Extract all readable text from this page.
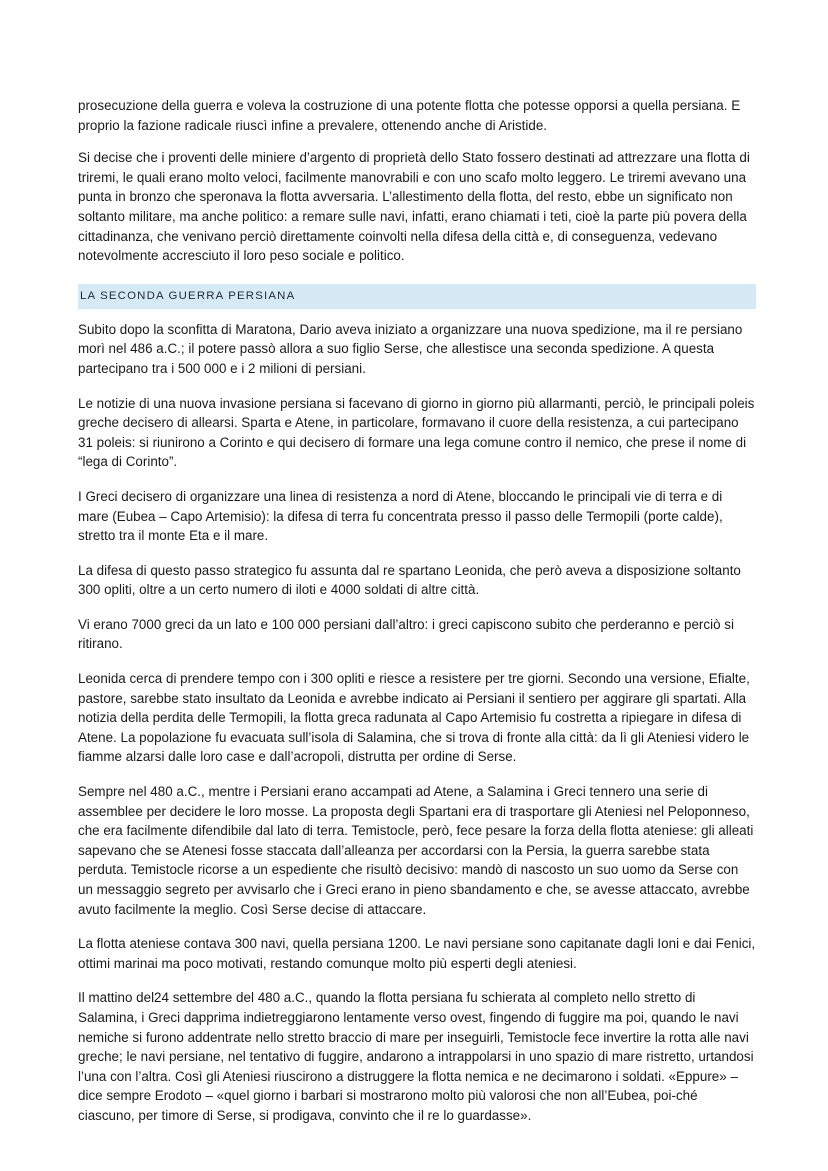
prosecuzione della guerra e voleva la costruzione di una potente flotta che potesse opporsi a quella persiana. E proprio la fazione radicale riuscì infine a prevalere, ottenendo anche di Aristide.

Si decise che i proventi delle miniere d’argento di proprietà dello Stato fossero destinati ad attrezzare una flotta di triremi, le quali erano molto veloci, facilmente manovrabili e con uno scafo molto leggero. Le triremi avevano una punta in bronzo che speronava la flotta avversaria. L’allestimento della flotta, del resto, ebbe un significato non soltanto militare, ma anche politico: a remare sulle navi, infatti, erano chiamati i teti, cioè la parte più povera della cittadinanza, che venivano perciò direttamente coinvolti nella difesa della città e, di conseguenza, vedevano notevolmente accresciuto il loro peso sociale e politico.

LA SECONDA GUERRA PERSIANA

Subito dopo la sconfitta di Maratona, Dario aveva iniziato a organizzare una nuova spedizione, ma il re persiano morì nel 486 a.C.; il potere passò allora a suo figlio Serse, che allestisce una seconda spedizione. A questa partecipano tra i 500 000 e i 2 milioni di persiani.

Le notizie di una nuova invasione persiana si facevano di giorno in giorno più allarmanti, perciò, le principali poleis greche decisero di allearsi. Sparta e Atene, in particolare, formavano il cuore della resistenza, a cui partecipano 31 poleis: si riunirono a Corinto e qui decisero di formare una lega comune contro il nemico, che prese il nome di “lega di Corinto”.

I Greci decisero di organizzare una linea di resistenza a nord di Atene, bloccando le principali vie di terra e di mare (Eubea – Capo Artemisio): la difesa di terra fu concentrata presso il passo delle Termopili (porte calde), stretto tra il monte Eta e il mare.

La difesa di questo passo strategico fu assunta dal re spartano Leonida, che però aveva a disposizione soltanto 300 opliti, oltre a un certo numero di iloti e 4000 soldati di altre città.

Vi erano 7000 greci da un lato e 100 000 persiani dall’altro: i greci capiscono subito che perderanno e perciò si ritirano.

Leonida cerca di prendere tempo con i 300 opliti e riesce a resistere per tre giorni. Secondo una versione, Efialte, pastore, sarebbe stato insultato da Leonida e avrebbe indicato ai Persiani il sentiero per aggirare gli spartati. Alla notizia della perdita delle Termopili, la flotta greca radunata al Capo Artemisio fu costretta a ripiegare in difesa di Atene. La popolazione fu evacuata sull’isola di Salamina, che si trova di fronte alla città: da lì gli Ateniesi videro le fiamme alzarsi dalle loro case e dall’acropoli, distrutta per ordine di Serse.

Sempre nel 480 a.C., mentre i Persiani erano accampati ad Atene, a Salamina i Greci tennero una serie di assemblee per decidere le loro mosse. La proposta degli Spartani era di trasportare gli Ateniesi nel Peloponneso, che era facilmente difendibile dal lato di terra. Temistocle, però, fece pesare la forza della flotta ateniese: gli alleati sapevano che se Atenesi fosse staccata dall’alleanza per accordarsi con la Persia, la guerra sarebbe stata perduta. Temistocle ricorse a un espediente che risultò decisivo: mandò di nascosto un suo uomo da Serse con un messaggio segreto per avvisarlo che i Greci erano in pieno sbandamento e che, se avesse attaccato, avrebbe avuto facilmente la meglio. Così Serse decise di attaccare.

La flotta ateniese contava 300 navi, quella persiana 1200. Le navi persiane sono capitanate dagli Ioni e dai Fenici, ottimi marinai ma poco motivati, restando comunque molto più esperti degli ateniesi.

Il mattino del24 settembre del 480 a.C., quando la flotta persiana fu schierata al completo nello stretto di Salamina, i Greci dapprima indietreggiarono lentamente verso ovest, fingendo di fuggire ma poi, quando le navi nemiche si furono addentrate nello stretto braccio di mare per inseguirli, Temistocle fece invertire la rotta alle navi greche; le navi persiane, nel tentativo di fuggire, andarono a intrappolarsi in uno spazio di mare ristretto, urtandosi l’una con l’altra. Così gli Ateniesi riuscirono a distruggere la flotta nemica e ne decimarono i soldati. «Eppure» – dice sempre Erodoto – «quel giorno i barbari si mostrarono molto più valorosi che non all’Eubea, poi-ché ciascuno, per timore di Serse, si prodigava, convinto che il re lo guardasse».
